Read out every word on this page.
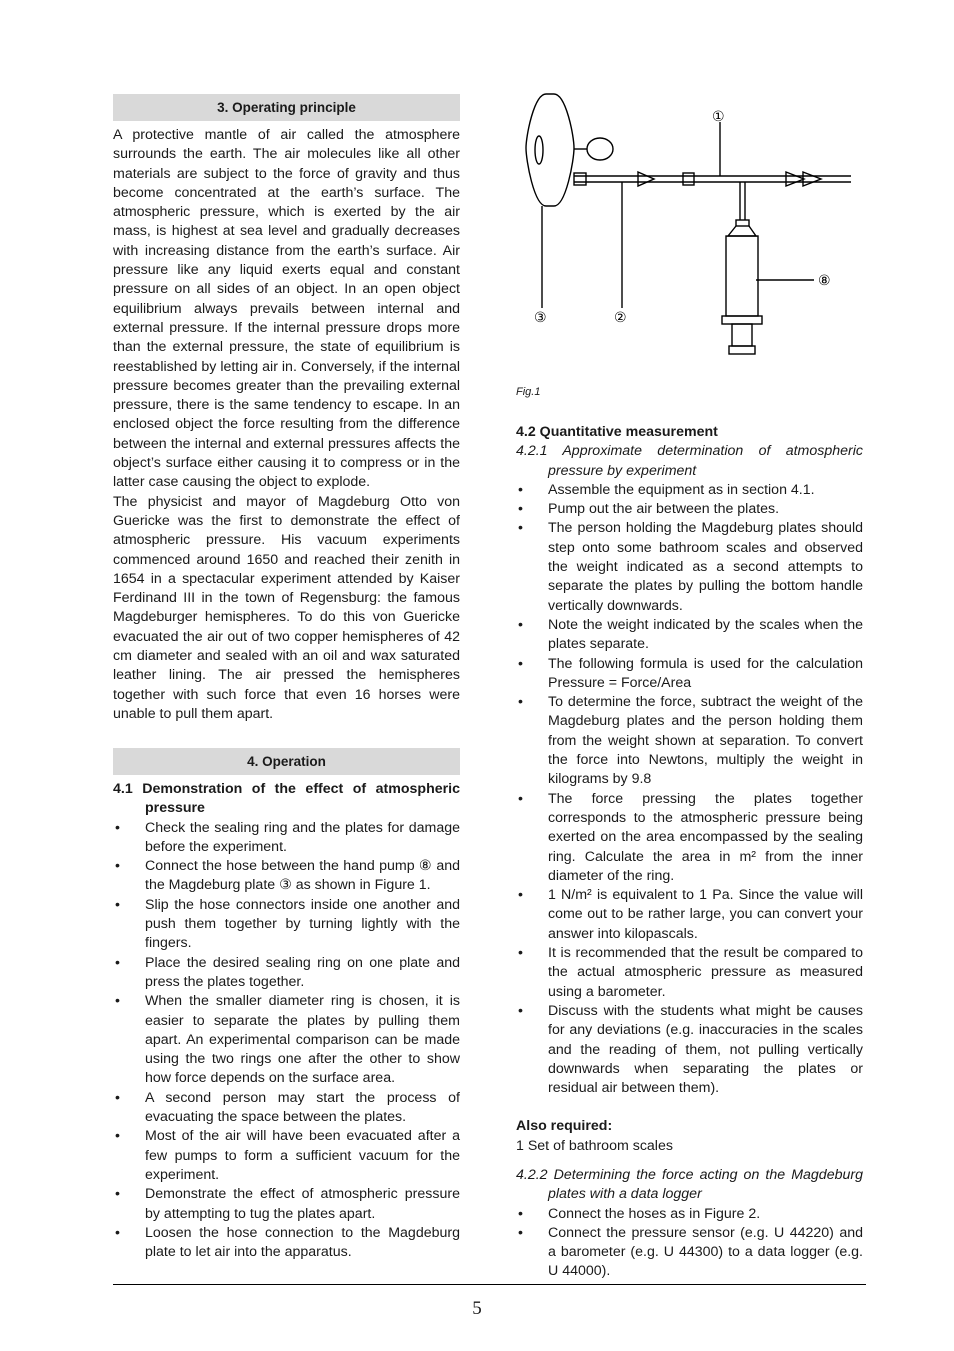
3. Operating principle

A protective mantle of air called the atmosphere surrounds the earth. The air molecules like all other materials are subject to the force of gravity and thus become concentrated at the earth’s surface. The atmospheric pressure, which is exerted by the air mass, is highest at sea level and gradually decreases with increasing distance from the earth’s surface. Air pressure like any liquid exerts equal and constant pressure on all sides of an object. In an open object equilibrium always prevails between internal and external pressure. If the internal pressure drops more than the external pressure, the state of equilibrium is reestablished by letting air in. Conversely, if the internal pressure becomes greater than the prevailing external pressure, there is the same tendency to escape. In an enclosed object the force resulting from the difference between the internal and external pressures affects the object’s surface either causing it to compress or in the latter case causing the object to explode.

The physicist and mayor of Magdeburg Otto von Guericke was the first to demonstrate the effect of atmospheric pressure. His vacuum experiments commenced around 1650 and reached their zenith in 1654 in a spectacular experiment attended by Kaiser Ferdinand III in the town of Regensburg: the famous Magdeburger hemispheres. To do this von Guericke evacuated the air out of two copper hemispheres of 42 cm diameter and sealed with an oil and wax saturated leather lining. The air pressed the hemispheres together with such force that even 16 horses were unable to pull them apart.

4. Operation

4.1 Demonstration of the effect of atmospheric pressure

• Check the sealing ring and the plates for damage before the experiment.
• Connect the hose between the hand pump ⑧ and the Magdeburg plate ③ as shown in Figure 1.
• Slip the hose connectors inside one another and push them together by turning lightly with the fingers.
• Place the desired sealing ring on one plate and press the plates together.
• When the smaller diameter ring is chosen, it is easier to separate the plates by pulling them apart. An experimental comparison can be made using the two rings one after the other to show how force depends on the surface area.
• A second person may start the process of evacuating the space between the plates.
• Most of the air will have been evacuated after a few pumps to form a sufficient vacuum for the experiment.
• Demonstrate the effect of atmospheric pressure by attempting to tug the plates apart.
• Loosen the hose connection to the Magdeburg plate to let air into the apparatus.
①
⑧
③	②
Fig.1

4.2 Quantitative measurement

4.2.1 Approximate determination of atmospheric pressure by experiment

• Assemble the equipment as in section 4.1.
• Pump out the air between the plates.
• The person holding the Magdeburg plates should step onto some bathroom scales and observed the weight indicated as a second attempts to separate the plates by pulling the bottom handle vertically downwards.
• Note the weight indicated by the scales when the plates separate.
• The following formula is used for the calculation Pressure = Force/Area
• To determine the force, subtract the weight of the Magdeburg plates and the person holding them from the weight shown at separation. To convert the force into Newtons, multiply the weight in kilograms by 9.8
• The force pressing the plates together corresponds to the atmospheric pressure being exerted on the area encompassed by the sealing ring. Calculate the area in m² from the inner diameter of the ring.
• 1 N/m² is equivalent to 1 Pa. Since the value will come out to be rather large, you can convert your answer into kilopascals.
• It is recommended that the result be compared to the actual atmospheric pressure as measured using a barometer.
• Discuss with the students what might be causes for any deviations (e.g. inaccuracies in the scales and the reading of them, not pulling vertically downwards when separating the plates or residual air between them).

Also required:

1 Set of bathroom scales

4.2.2 Determining the force acting on the Magdeburg plates with a data logger

• Connect the hoses as in Figure 2.
• Connect the pressure sensor (e.g. U 44220) and a barometer (e.g. U 44300) to a data logger (e.g. U 44000).
5
